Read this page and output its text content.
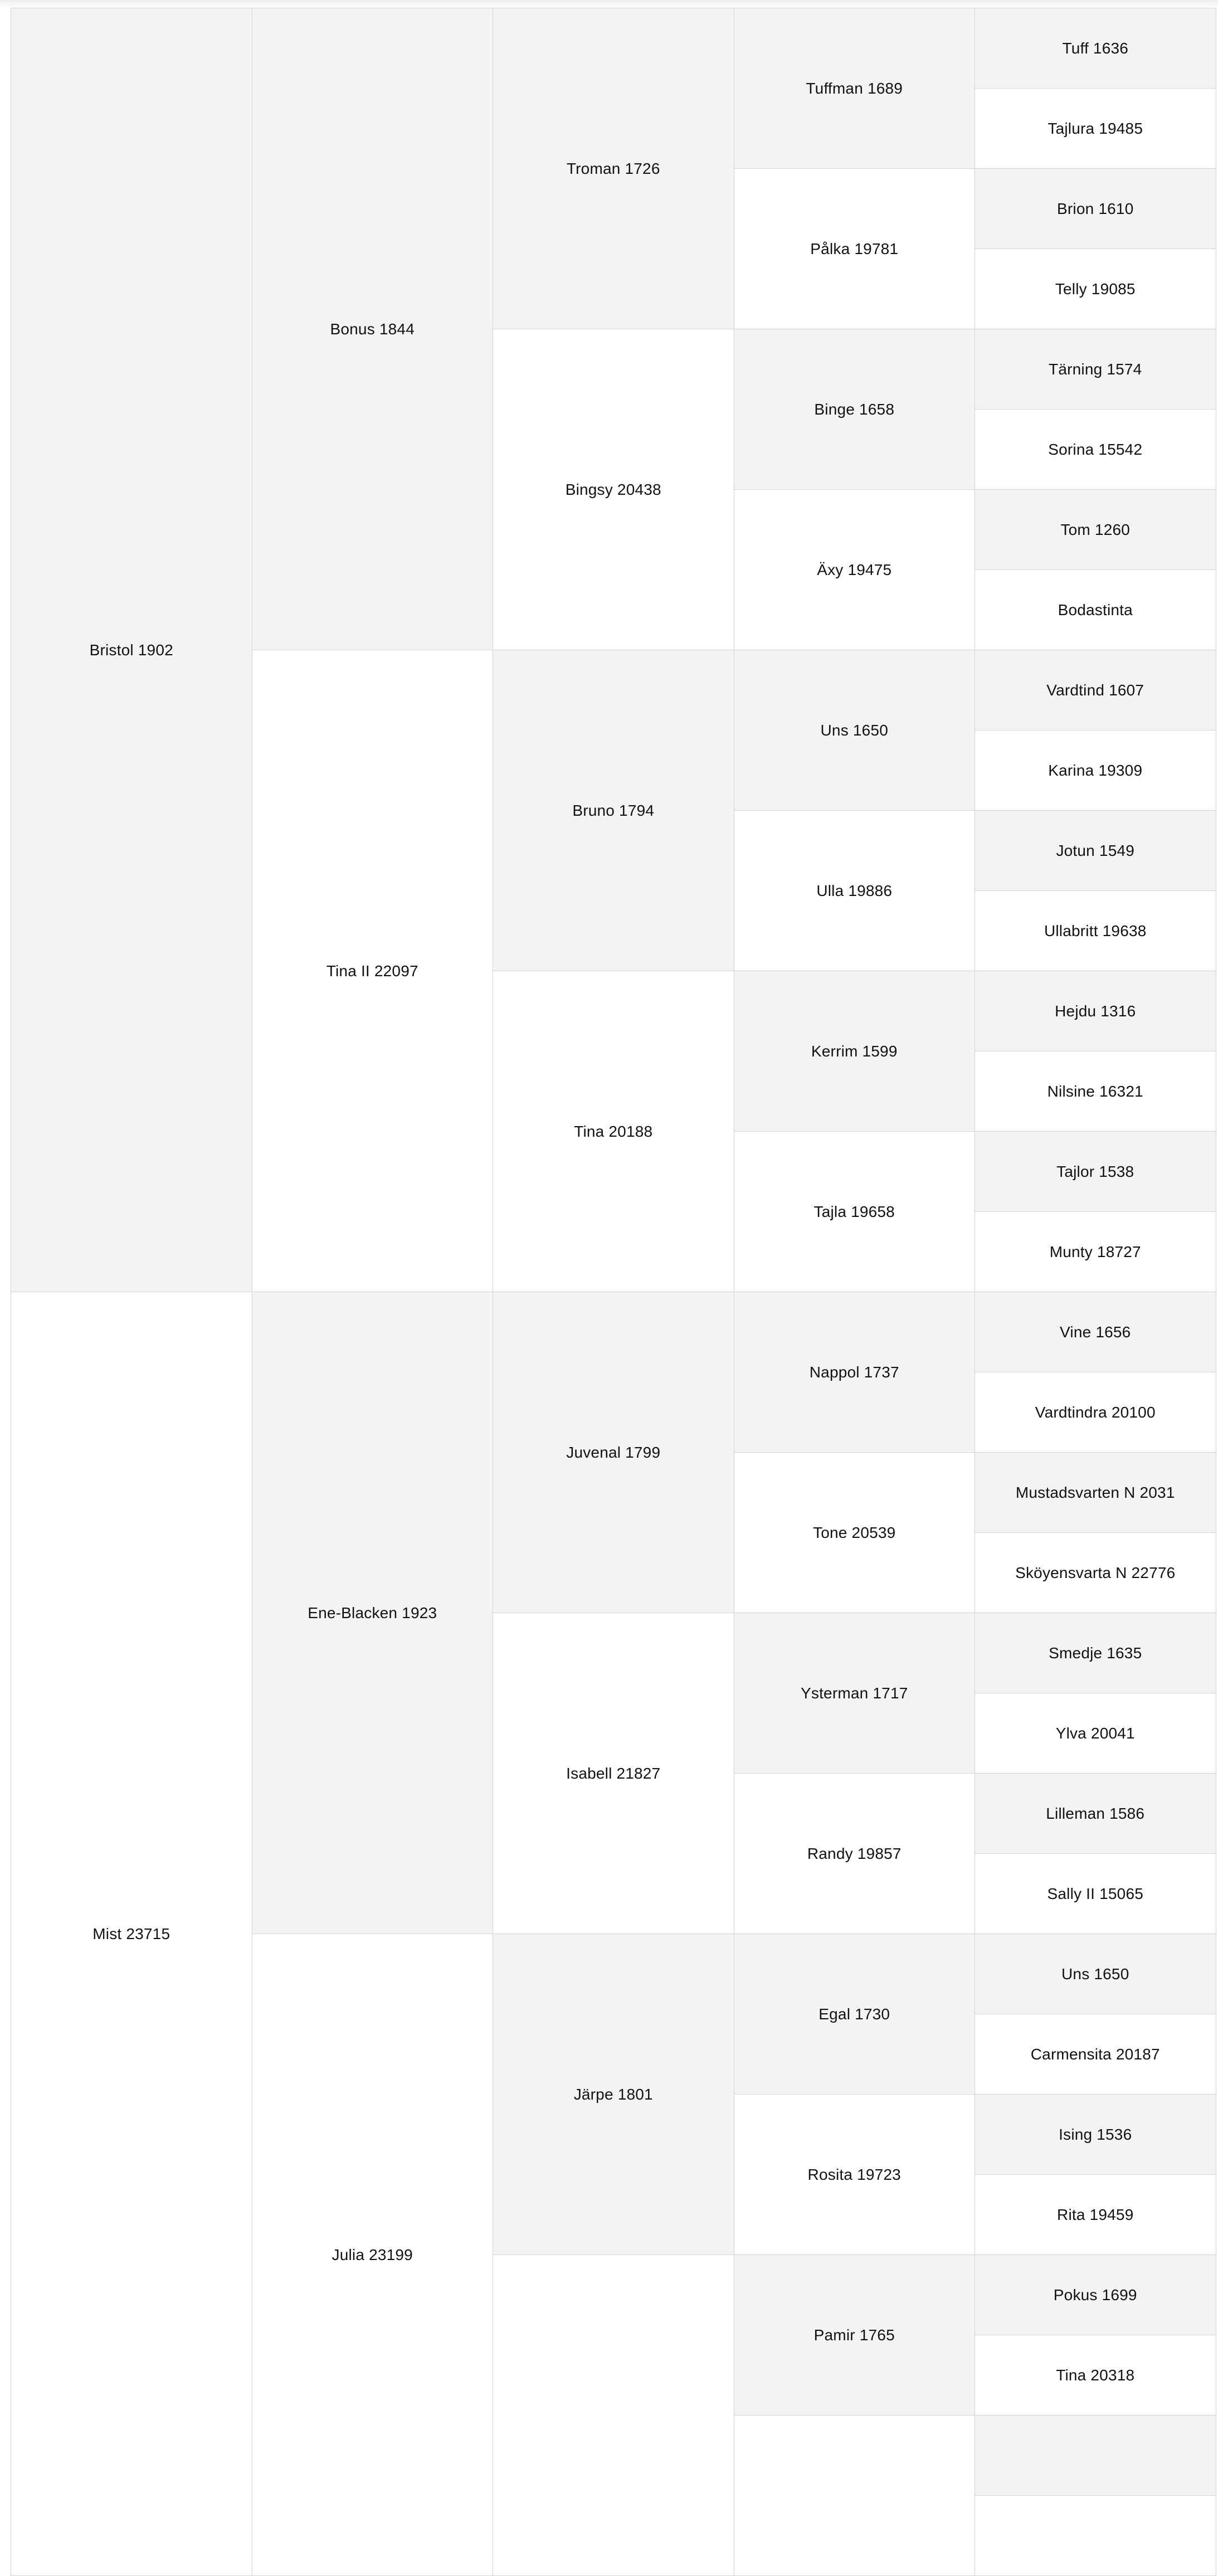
Bristol 1902
Mist 23715
Bonus 1844
Tina II 22097
Ene-Blacken 1923
Julia 23199
Troman 1726
Bingsy 20438
Bruno 1794
Tina 20188
Juvenal 1799
Isabell 21827
Järpe 1801
Tuffman 1689
Pålka 19781
Binge 1658
Äxy 19475
Uns 1650
Ulla 19886
Kerrim 1599
Tajla 19658
Nappol 1737
Tone 20539
Ysterman 1717
Randy 19857
Egal 1730
Rosita 19723
Pamir 1765
Tuff 1636
Tajlura 19485
Brion 1610
Telly 19085
Tärning 1574
Sorina 15542
Tom 1260
Bodastinta
Vardtind 1607
Karina 19309
Jotun 1549
Ullabritt 19638
Hejdu 1316
Nilsine 16321
Tajlor 1538
Munty 18727
Vine 1656
Vardtindra 20100
Mustadsvarten N 2031
Sköyensvarta N 22776
Smedje 1635
Ylva 20041
Lilleman 1586
Sally II 15065
Uns 1650
Carmensita 20187
Ising 1536
Rita 19459
Pokus 1699
Tina 20318
